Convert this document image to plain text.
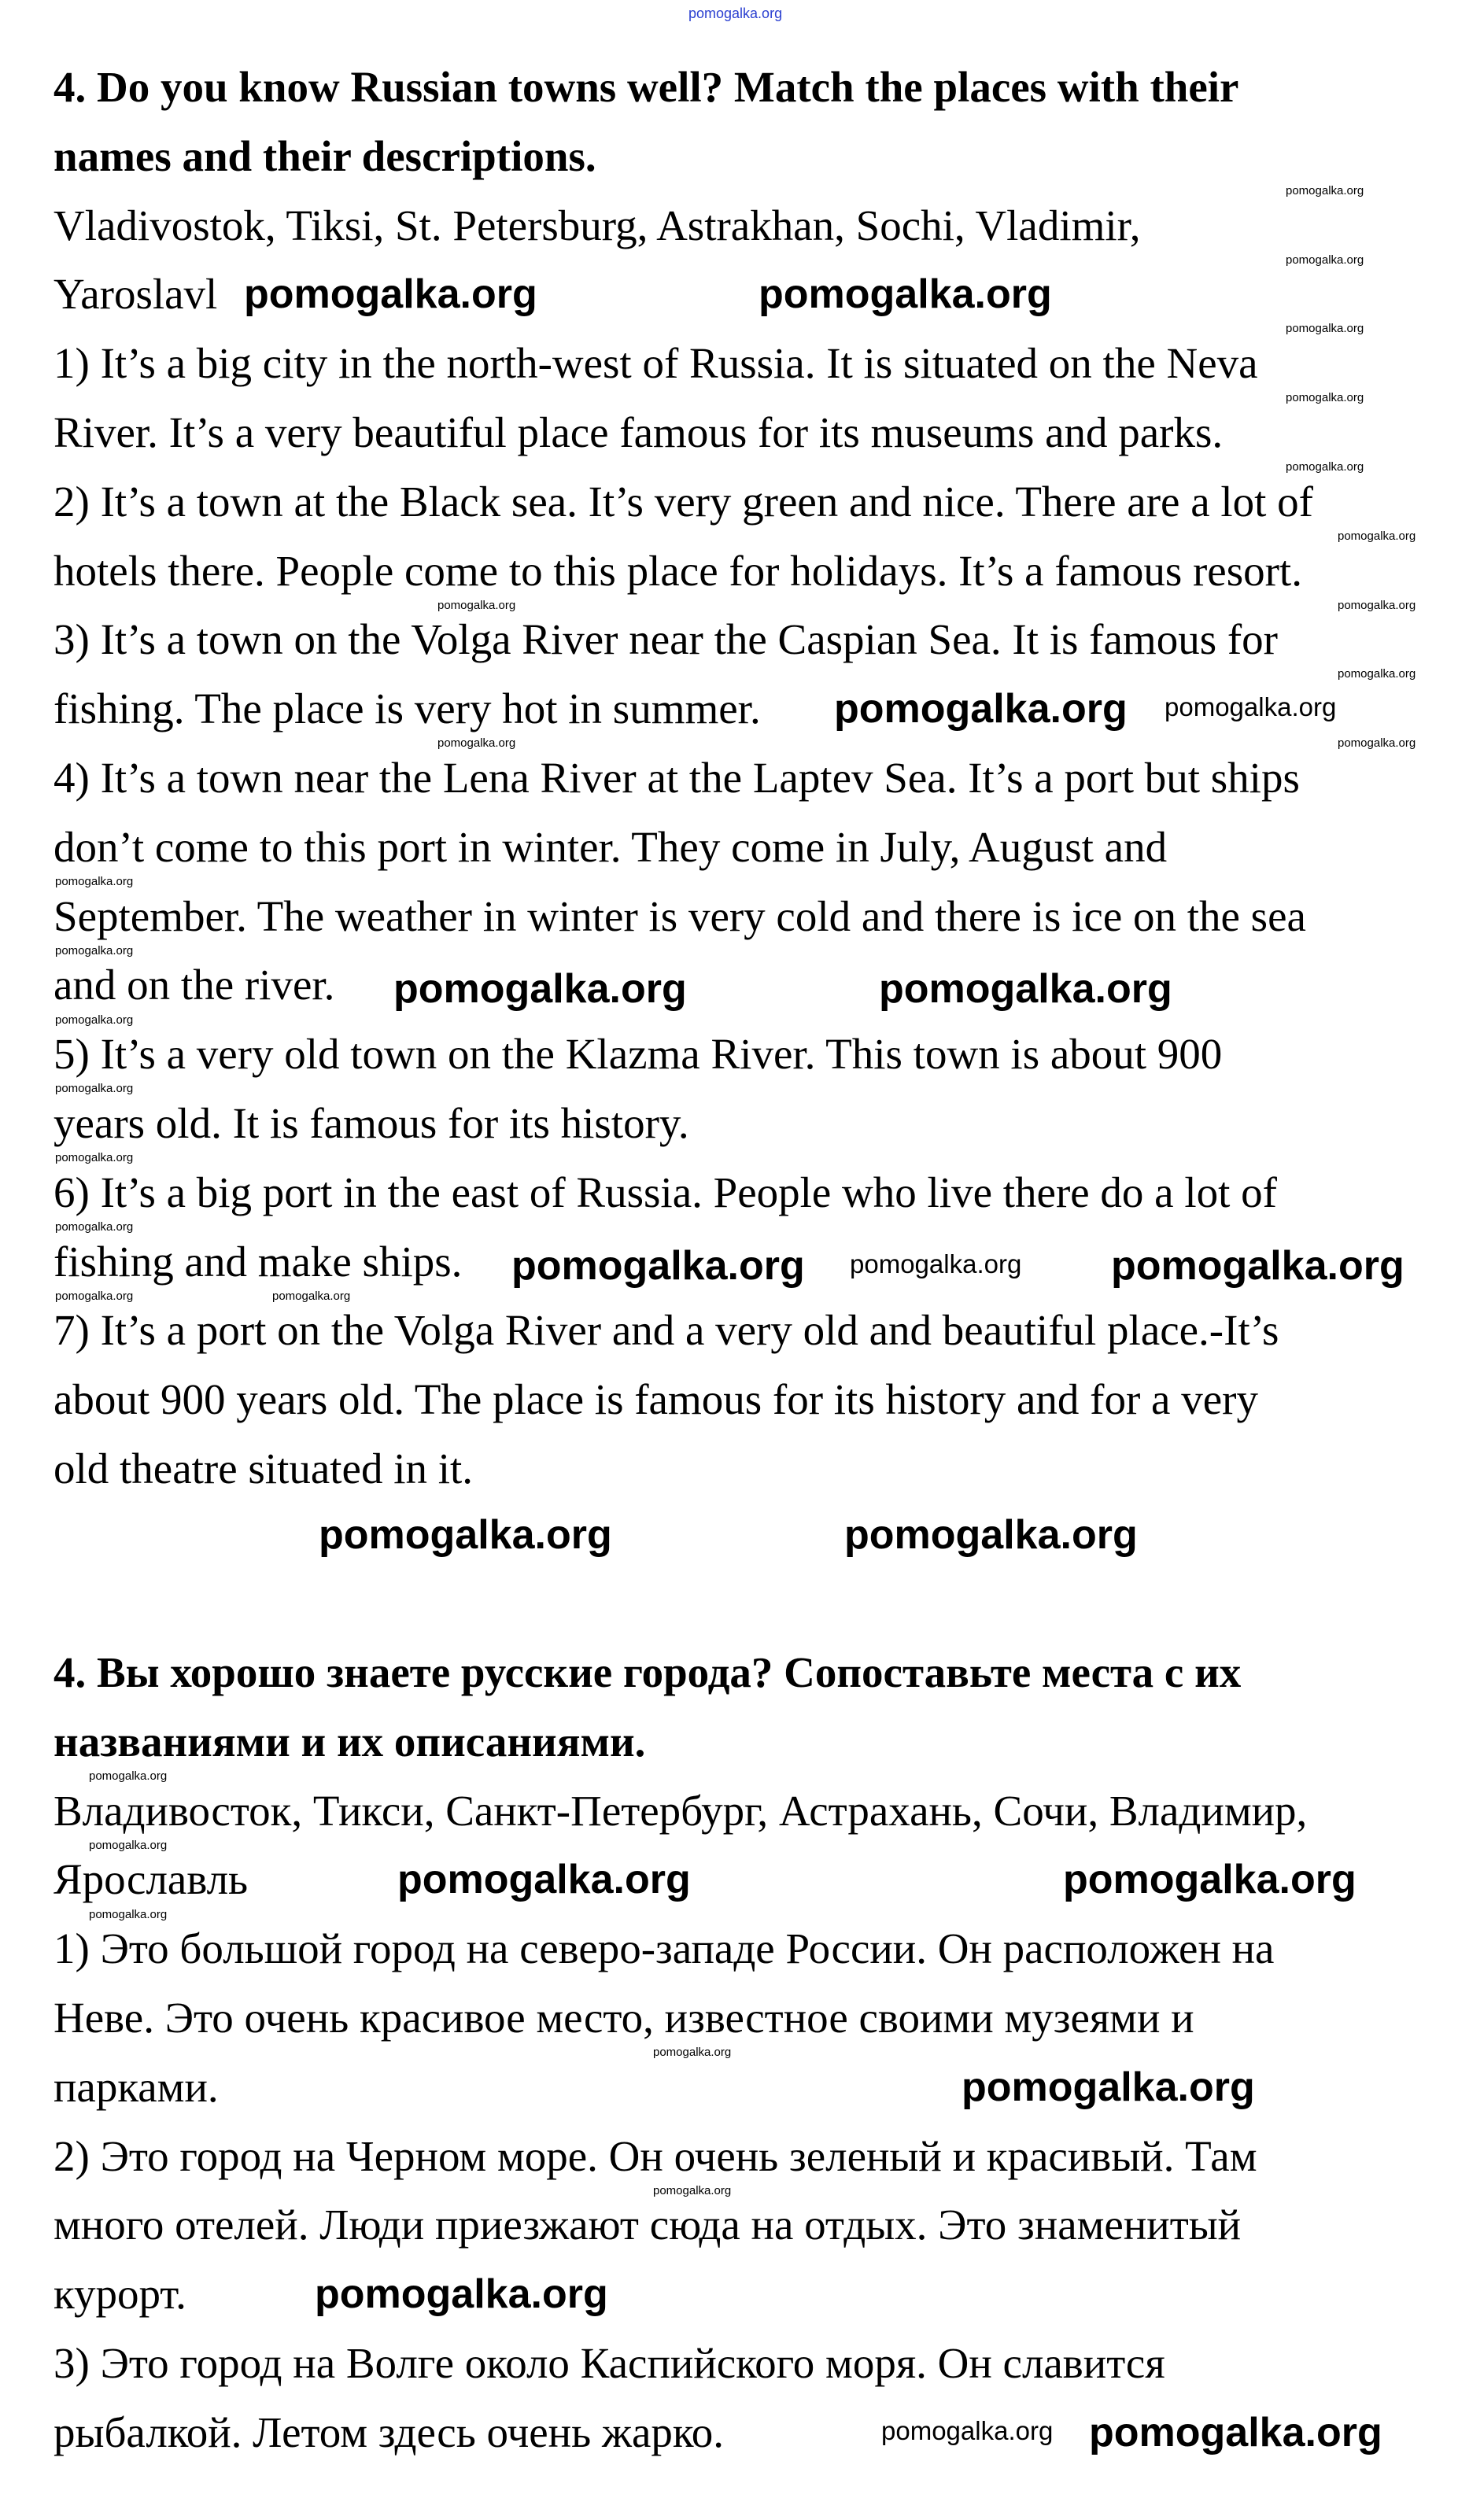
4. Do you know Russian towns well? Match the places with their
names and their descriptions.
Vladivostok, Tiksi, St. Petersburg, Astrakhan, Sochi, Vladimir,
Yaroslavl
1) It’s a big city in the north-west of Russia. It is situated on the Neva
River. It’s a very beautiful place famous for its museums and parks.
2) It’s a town at the Black sea. It’s very green and nice. There are a lot of
hotels there. People come to this place for holidays. It’s a famous resort.
3) It’s a town on the Volga River near the Caspian Sea. It is famous for
fishing. The place is very hot in summer.
4) It’s a town near the Lena River at the Laptev Sea. It’s a port but ships
don’t come to this port in winter. They come in July, August and
September. The weather in winter is very cold and there is ice on the sea
and on the river.
5) It’s a very old town on the Klazma River. This town is about 900
years old. It is famous for its history.
6) It’s a big port in the east of Russia. People who live there do a lot of
fishing and make ships.
7) It’s a port on the Volga River and a very old and beautiful place.-It’s
about 900 years old. The place is famous for its history and for a very
old theatre situated in it.
4. Вы хорошо знаете русские города? Сопоставьте места с их
названиями и их описаниями.
Владивосток, Тикси, Санкт-Петербург, Астрахань, Сочи, Владимир,
Ярославль
1) Это большой город на северо-западе России. Он расположен на
Неве. Это очень красивое место, известное своими музеями и
парками.
2) Это город на Черном море. Он очень зеленый и красивый. Там
много отелей. Люди приезжают сюда на отдых. Это знаменитый
курорт.
3) Это город на Волге около Каспийского моря. Он славится
рыбалкой. Летом здесь очень жарко.
pomogalka.org
pomogalka.org	pomogalka.org
pomogalka.org pomogalka.org
pomogalka.org	pomogalka.org
pomogalka.org pomogalka.org pomogalka.org
pomogalka.org	pomogalka.org
pomogalka.org
pomogalka.org
pomogalka.org
pomogalka.org
pomogalka.org
pomogalka.org
pomogalka.org
pomogalka.org
pomogalka.org
pomogalka.org
pomogalka.org
pomogalka.org
pomogalka.org
pomogalka.org
pomogalka.org
pomogalka.org
pomogalka.org
pomogalka.org	pomogalka.org
pomogalka.org	pomogalka.org
pomogalka.org
pomogalka.org
pomogalka.org pomogalka.org
pomogalka.org
pomogalka.org
pomogalka.org
pomogalka.org
pomogalka.org
